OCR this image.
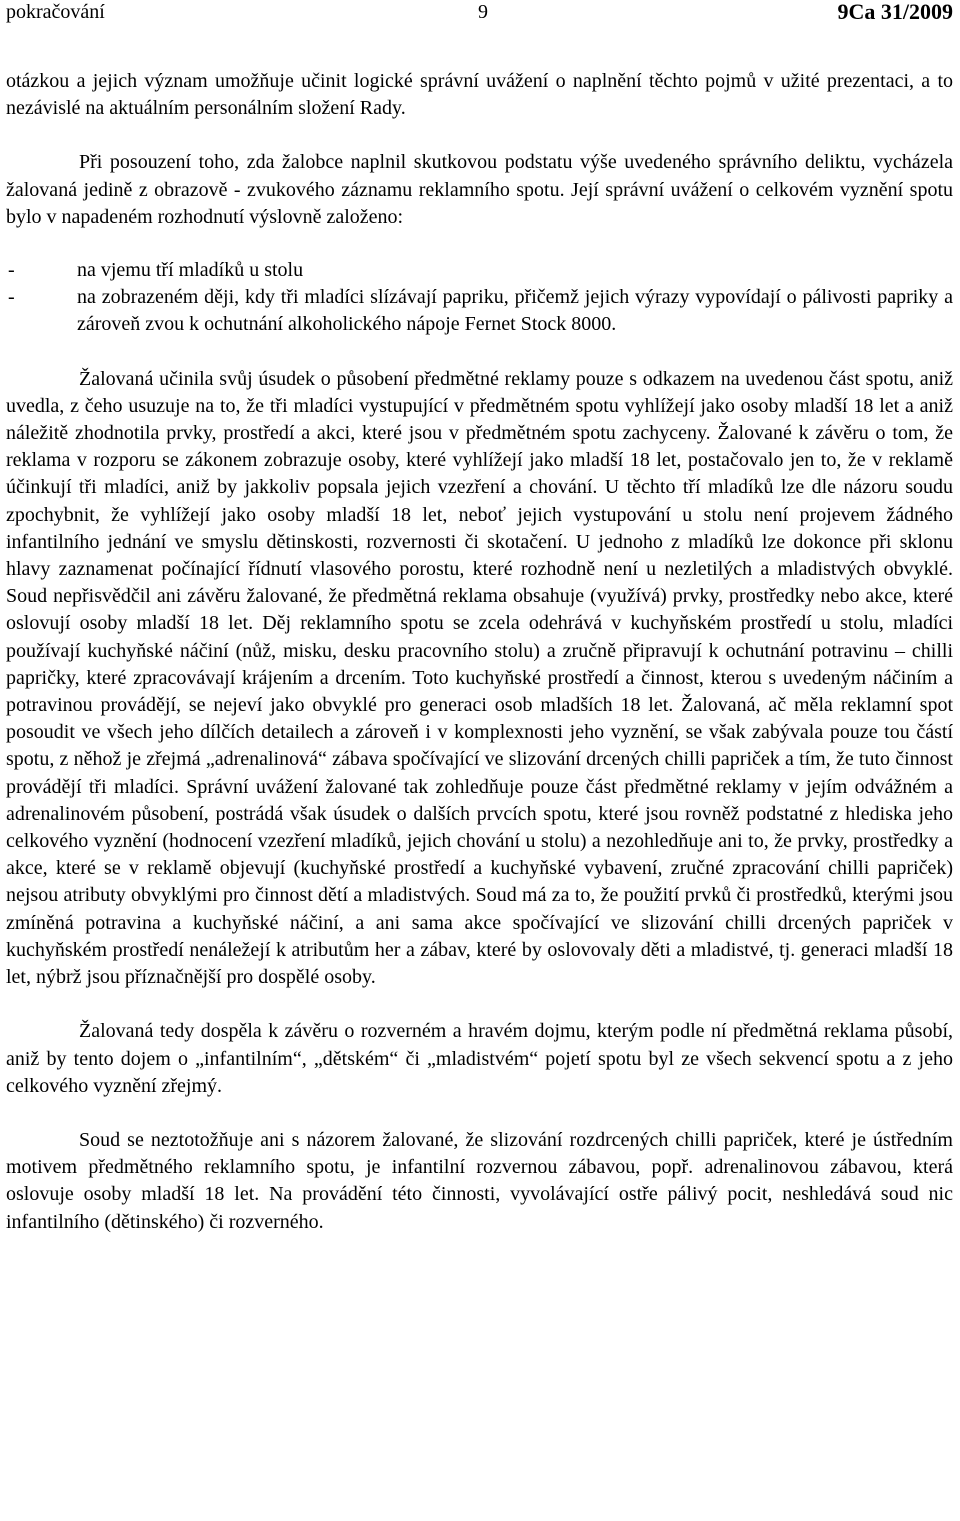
pokračování	9	9Ca 31/2009

otázkou a jejich význam umožňuje učinit logické správní uvážení o naplnění těchto pojmů v užité prezentaci, a to nezávislé na aktuálním personálním složení Rady.

Při posouzení toho, zda žalobce naplnil skutkovou podstatu výše uvedeného správního deliktu, vycházela žalovaná jedině z obrazově - zvukového záznamu reklamního spotu. Její správní uvážení o celkovém vyznění spotu bylo v napadeném rozhodnutí výslovně založeno:

-	na vjemu tří mladíků u stolu
-	na zobrazeném ději, kdy tři mladíci slízávají papriku, přičemž jejich výrazy vypovídají o pálivosti papriky a zároveň zvou k ochutnání alkoholického nápoje Fernet Stock 8000.

Žalovaná učinila svůj úsudek o působení předmětné reklamy pouze s odkazem na uvedenou část spotu, aniž uvedla, z čeho usuzuje na to, že tři mladíci vystupující v předmětném spotu vyhlížejí jako osoby mladší 18 let a aniž náležitě zhodnotila prvky, prostředí a akci, které jsou v předmětném spotu zachyceny. Žalované k závěru o tom, že reklama v rozporu se zákonem zobrazuje osoby, které vyhlížejí jako mladší 18 let, postačovalo jen to, že v reklamě účinkují tři mladíci, aniž by jakkoliv popsala jejich vzezření a chování. U těchto tří mladíků lze dle názoru soudu zpochybnit, že vyhlížejí jako osoby mladší 18 let, neboť jejich vystupování u stolu není projevem žádného infantilního jednání ve smyslu dětinskosti, rozvernosti či skotačení. U jednoho z mladíků lze dokonce při sklonu hlavy zaznamenat počínající řídnutí vlasového porostu, které rozhodně není u nezletilých a mladistvých obvyklé. Soud nepřisvědčil ani závěru žalované, že předmětná reklama obsahuje (využívá) prvky, prostředky nebo akce, které oslovují osoby mladší 18 let. Děj reklamního spotu se zcela odehrává v kuchyňském prostředí u stolu, mladíci používají kuchyňské náčiní (nůž, misku, desku pracovního stolu) a zručně připravují k ochutnání potravinu – chilli papričky, které zpracovávají krájením a drcením. Toto kuchyňské prostředí a činnost, kterou s uvedeným náčiním a potravinou provádějí, se nejeví jako obvyklé pro generaci osob mladších 18 let. Žalovaná, ač měla reklamní spot posoudit ve všech jeho dílčích detailech a zároveň i v komplexnosti jeho vyznění, se však zabývala pouze tou částí spotu, z něhož je zřejmá „adrenalinová“ zábava spočívající ve slizování drcených chilli papriček a tím, že tuto činnost provádějí tři mladíci. Správní uvážení žalované tak zohledňuje pouze část předmětné reklamy v jejím odvážném a adrenalinovém působení, postrádá však úsudek o dalších prvcích spotu, které jsou rovněž podstatné z hlediska jeho celkového vyznění (hodnocení vzezření mladíků, jejich chování u stolu) a nezohledňuje ani to, že prvky, prostředky a akce, které se v reklamě objevují (kuchyňské prostředí a kuchyňské vybavení, zručné zpracování chilli papriček) nejsou atributy obvyklými pro činnost dětí a mladistvých. Soud má za to, že použití prvků či prostředků, kterými jsou zmíněná potravina a kuchyňské náčiní, a ani sama akce spočívající ve slizování chilli drcených papriček v kuchyňském prostředí nenáležejí k atributům her a zábav, které by oslovovaly děti a mladistvé, tj. generaci mladší 18 let, nýbrž jsou příznačnější pro dospělé osoby.

Žalovaná tedy dospěla k závěru o rozverném a hravém dojmu, kterým podle ní předmětná reklama působí, aniž by tento dojem o „infantilním“, „dětském“ či „mladistvém“ pojetí spotu byl ze všech sekvencí spotu a z jeho celkového vyznění zřejmý.

Soud se neztotožňuje ani s názorem žalované, že slizování rozdrcených chilli papriček, které je ústředním motivem předmětného reklamního spotu, je infantilní rozvernou zábavou, popř. adrenalinovou zábavou, která oslovuje osoby mladší 18 let. Na provádění této činnosti, vyvolávající ostře pálivý pocit, neshledává soud nic infantilního (dětinského) či rozverného.
